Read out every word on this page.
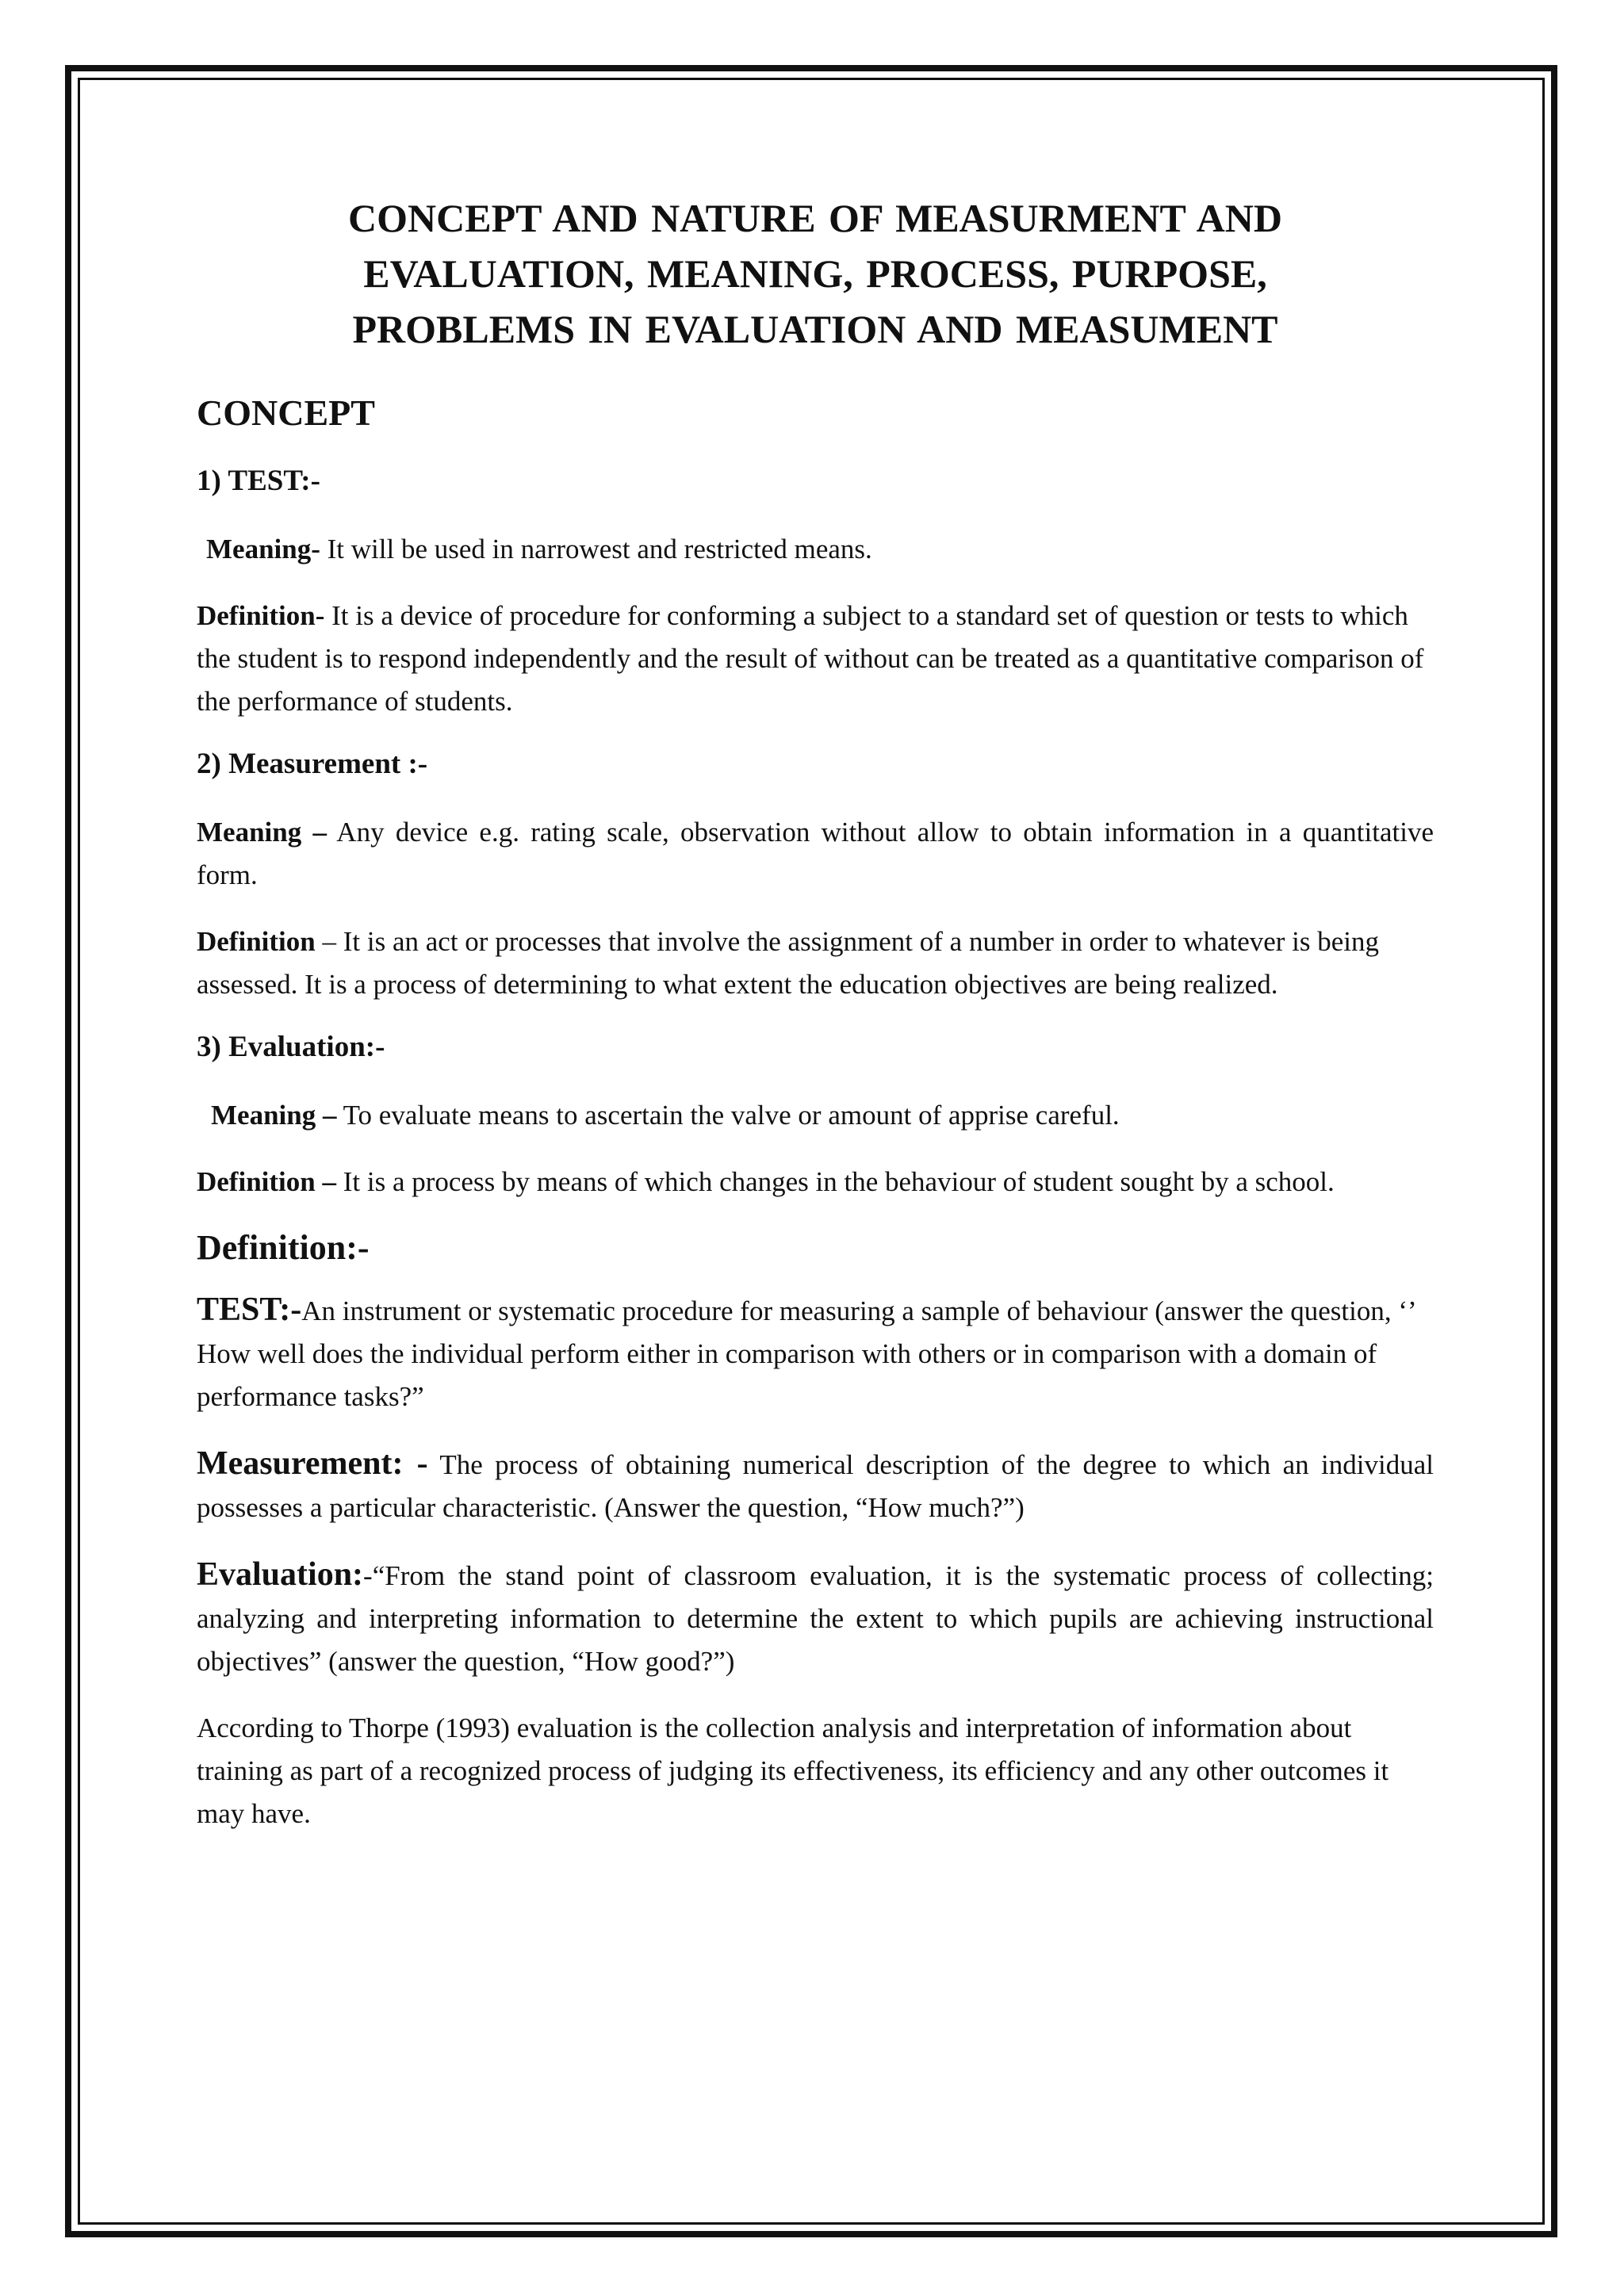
CONCEPT AND NATURE OF MEASURMENT AND
EVALUATION, MEANING, PROCESS, PURPOSE,
PROBLEMS IN EVALUATION AND MEASUMENT
CONCEPT
1) TEST:-

Meaning- It will be used in narrowest and restricted means.

Definition- It is a device of procedure for conforming a subject to a standard set of question or tests to which the student is to respond independently and the result of without can be treated as a quantitative comparison of the performance of students.

2) Measurement :-

Meaning – Any device e.g. rating scale, observation without allow to obtain information in a quantitative form.

Definition – It is an act or processes that involve the assignment of a number in order to whatever is being assessed. It is a process of determining to what extent the education objectives are being realized.

3) Evaluation:-

Meaning – To evaluate means to ascertain the valve or amount of apprise careful.

Definition – It is a process by means of which changes in the behaviour of student sought by a school.

Definition:-

TEST:-An instrument or systematic procedure for measuring a sample of behaviour (answer the question, ‘’ How well does the individual perform either in comparison with others or in comparison with a domain of performance tasks?”

Measurement: - The process of obtaining numerical description of the degree to which an individual possesses a particular characteristic. (Answer the question, “How much?”)

Evaluation:-“From the stand point of classroom evaluation, it is the systematic process of collecting; analyzing and interpreting information to determine the extent to which pupils are achieving instructional objectives” (answer the question, “How good?”)

According to Thorpe (1993) evaluation is the collection analysis and interpretation of information about training as part of a recognized process of judging its effectiveness, its efficiency and any other outcomes it may have.
